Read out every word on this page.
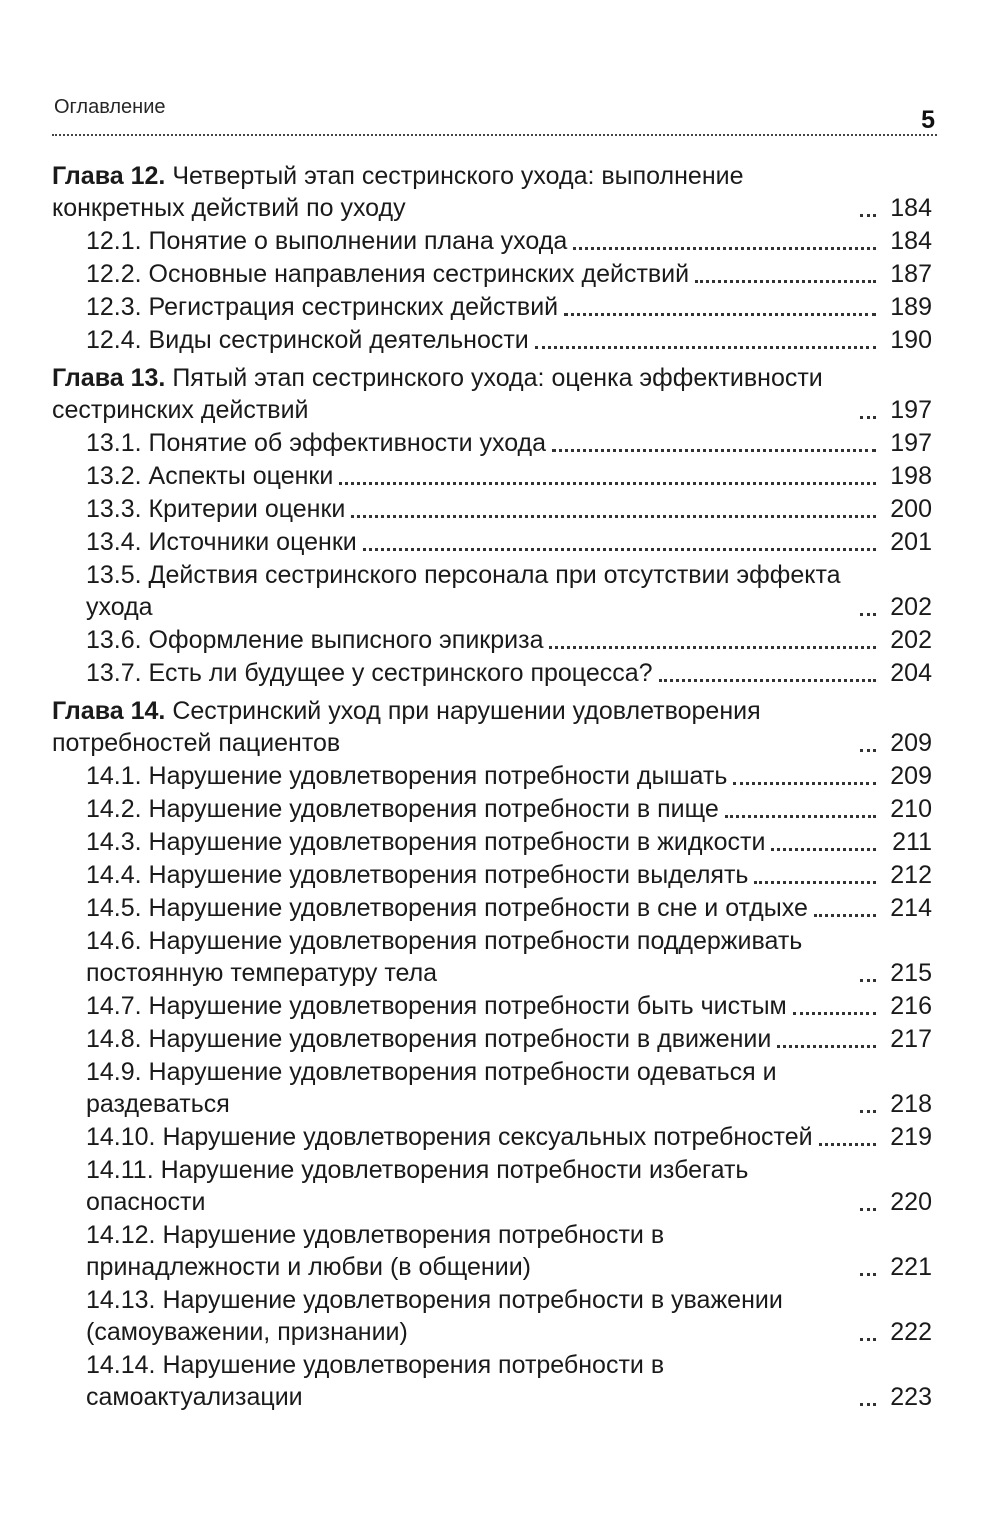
Оглавление	5
Глава 12. Четвертый этап сестринского ухода: выполнение конкретных действий по уходу	184
12.1. Понятие о выполнении плана ухода	184
12.2. Основные направления сестринских действий	187
12.3. Регистрация сестринских действий	189
12.4. Виды сестринской деятельности	190
Глава 13. Пятый этап сестринского ухода: оценка эффективности сестринских действий	197
13.1. Понятие об эффективности ухода	197
13.2. Аспекты оценки	198
13.3. Критерии оценки	200
13.4. Источники оценки	201
13.5. Действия сестринского персонала при отсутствии эффекта ухода	202
13.6. Оформление выписного эпикриза	202
13.7. Есть ли будущее у сестринского процесса?	204
Глава 14. Сестринский уход при нарушении удовлетворения потребностей пациентов	209
14.1. Нарушение удовлетворения потребности дышать	209
14.2. Нарушение удовлетворения потребности в пище	210
14.3. Нарушение удовлетворения потребности в жидкости	211
14.4. Нарушение удовлетворения потребности выделять	212
14.5. Нарушение удовлетворения потребности в сне и отдыхе	214
14.6. Нарушение удовлетворения потребности поддерживать постоянную температуру тела	215
14.7. Нарушение удовлетворения потребности быть чистым	216
14.8. Нарушение удовлетворения потребности в движении	217
14.9. Нарушение удовлетворения потребности одеваться и раздеваться	218
14.10. Нарушение удовлетворения сексуальных потребностей	219
14.11. Нарушение удовлетворения потребности избегать опасности	220
14.12. Нарушение удовлетворения потребности в принадлежности и любви (в общении)	221
14.13. Нарушение удовлетворения потребности в уважении (самоуважении, признании)	222
14.14. Нарушение удовлетворения потребности в самоактуализации	223
